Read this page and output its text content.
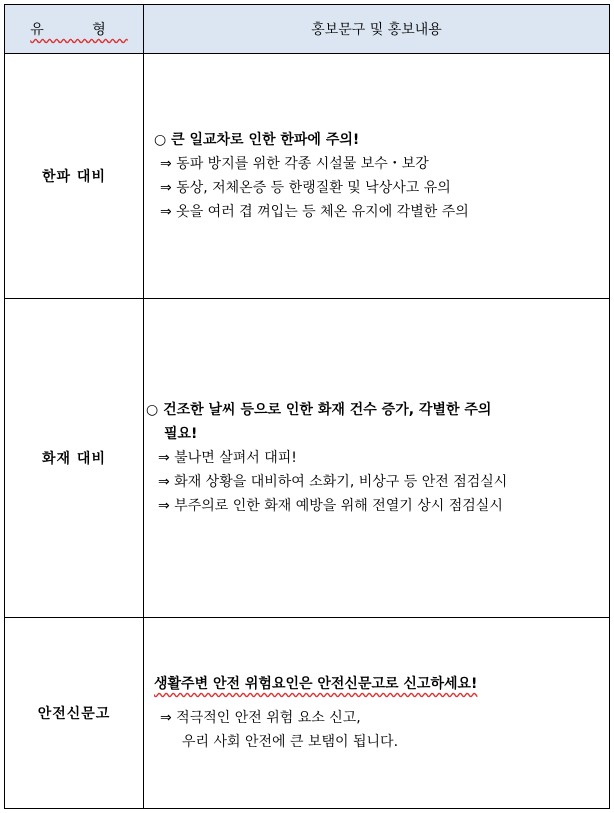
유 형	홍보문구 및 홍보내용
한파 대비	○ 큰 일교차로 인한 한파에 주의!
⇒ 동파 방지를 위한 각종 시설물 보수・보강
⇒ 동상, 저체온증 등 한랭질환 및 낙상사고 유의
⇒ 옷을 여러 겹 껴입는 등 체온 유지에 각별한 주의

화재 대비	○ 건조한 날씨 등으로 인한 화재 건수 증가, 각별한 주의
필요!
⇒ 불나면 살펴서 대피!
⇒ 화재 상황을 대비하여 소화기, 비상구 등 안전 점검실시
⇒ 부주의로 인한 화재 예방을 위해 전열기 상시 점검실시

안전신문고	생활주변 안전 위험요인은 안전신문고로 신고하세요!
⇒ 적극적인 안전 위험 요소 신고,
우리 사회 안전에 큰 보탬이 됩니다.
